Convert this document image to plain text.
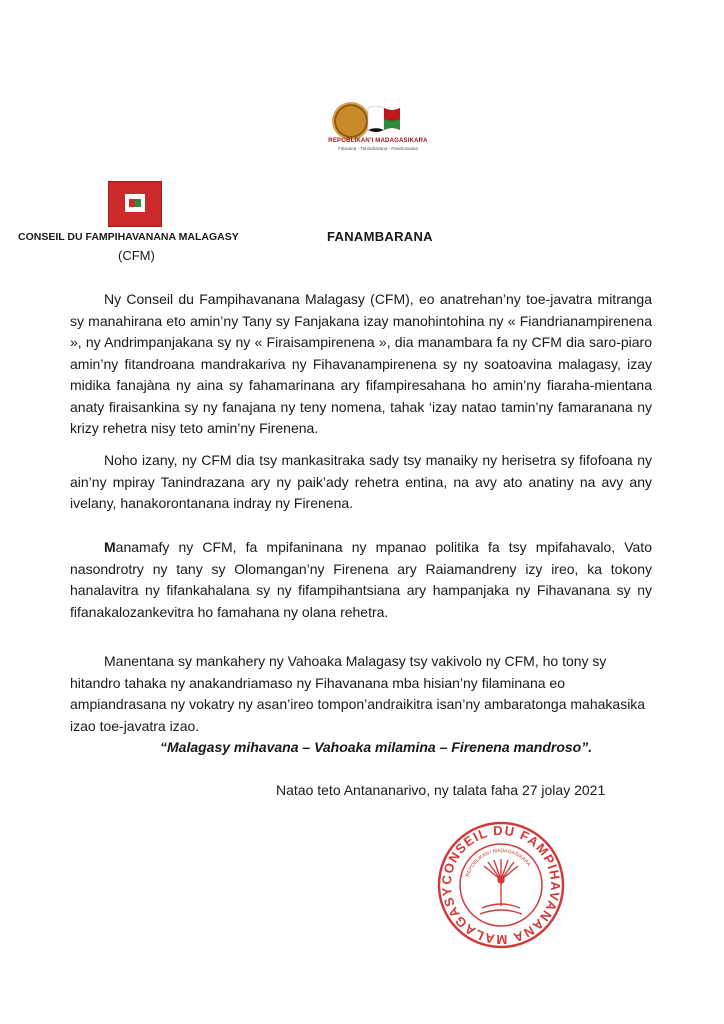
REPOBLIKAN'I MADAGASIKARA
Fitiavana - Tanindrazana - Fandrosoana
CONSEIL DU FAMPIHAVANANA MALAGASY
(CFM)
FANAMBARANA

Ny Conseil du Fampihavanana Malagasy (CFM), eo anatrehan’ny toe-javatra mitranga sy manahirana eto amin’ny Tany sy Fanjakana izay manohintohina ny « Fiandrianampirenena », ny Andrimpanjakana sy ny « Firaisampirenena », dia manambara fa ny CFM dia saro-piaro amin’ny fitandroana mandrakariva ny Fihavanampirenena sy ny soatoavina malagasy, izay midika fanajàna ny aina sy fahamarinana ary fifampiresahana ho amin’ny fiaraha-mientana anaty firaisankina sy ny fanajana ny teny nomena, tahak ‘izay natao tamin’ny famaranana ny krizy rehetra nisy teto amin’ny Firenena.

Noho izany, ny CFM dia tsy mankasitraka sady tsy manaiky ny herisetra sy fifofoana ny ain’ny mpiray Tanindrazana ary ny paik’ady rehetra entina, na avy ato anatiny na avy any ivelany, hanakorontanana indray ny Firenena.

Manamafy ny CFM, fa mpifaninana ny mpanao politika fa tsy mpifahavalo, Vato nasondrotry ny tany sy Olomangan’ny Firenena ary Raiamandreny izy ireo, ka tokony hanalavitra ny fifankahalana sy ny fifampihantsiana ary hampanjaka ny Fihavanana sy ny fifanakalozankevitra ho famahana ny olana rehetra.

Manentana sy mankahery ny Vahoaka Malagasy tsy vakivolo ny CFM, ho tony sy hitandro tahaka ny anakandriamaso ny Fihavanana mba hisian’ny filaminana eo ampiandrasana ny vokatry ny asan’ireo tompon’andraikitra isan’ny ambaratonga mahakasika izao toe-javatra izao.

“Malagasy mihavana – Vahoaka milamina – Firenena mandroso”.
Natao teto Antananarivo, ny talata faha 27 jolay 2021
CONSEIL DU FAMPIHAVANANA MALAGASY
REPOBLIKAN'I MADAGASIKARA
